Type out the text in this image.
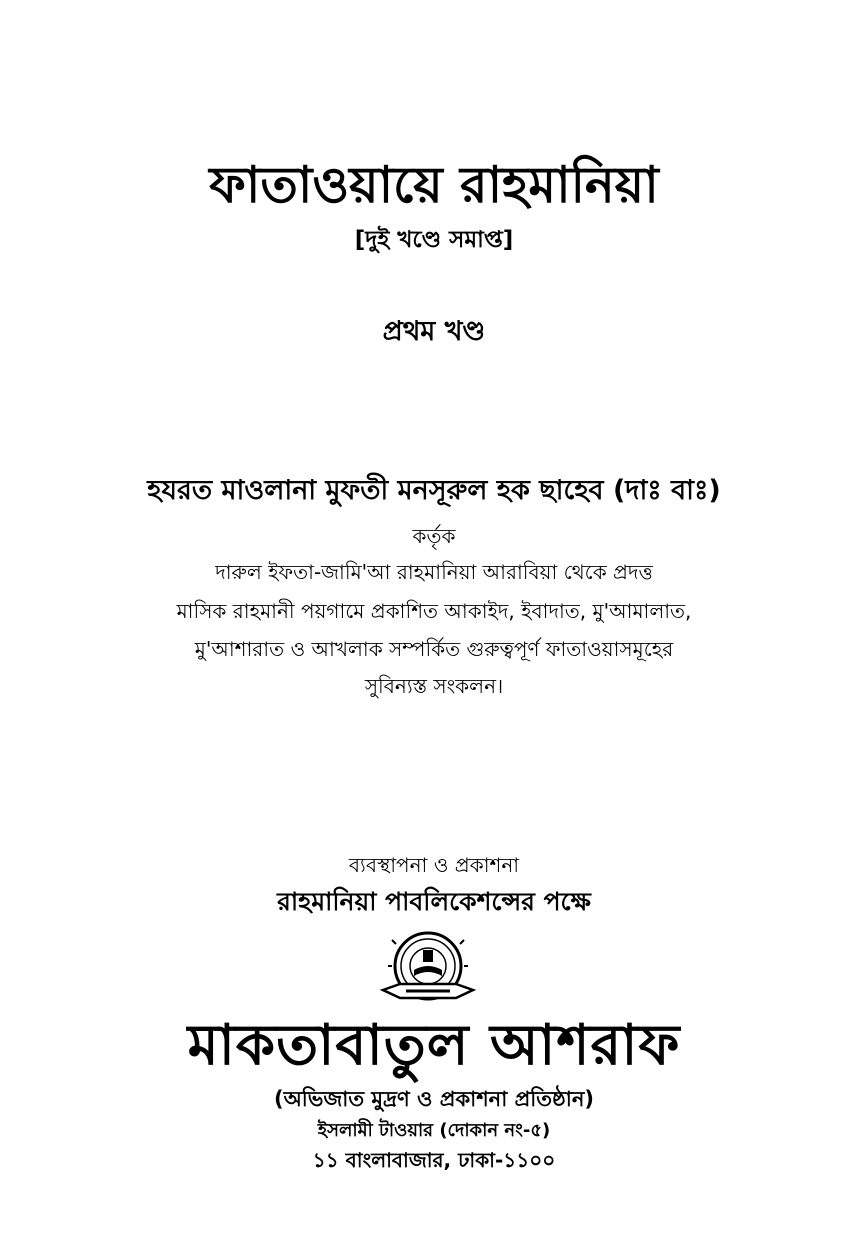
ফাতাওয়ায়ে রাহমানিয়া
[দুই খণ্ডে সমাপ্ত]
প্রথম খণ্ড
হযরত মাওলানা মুফতী মনসূরুল হক ছাহেব (দাঃ বাঃ)
কর্তৃক
দারুল ইফতা-জামি'আ রাহমানিয়া আরাবিয়া থেকে প্রদত্ত
মাসিক রাহমানী পয়গামে প্রকাশিত আকাইদ, ইবাদাত, মু'আমালাত,
মু'আশারাত ও আখলাক সম্পর্কিত গুরুত্বপূর্ণ ফাতাওয়াসমূহের
সুবিন্যস্ত সংকলন।
ব্যবস্থাপনা ও প্রকাশনা
রাহমানিয়া পাবলিকেশন্সের পক্ষে
মাকতাবাতুল আশরাফ
(অভিজাত মুদ্রণ ও প্রকাশনা প্রতিষ্ঠান)
ইসলামী টাওয়ার (দোকান নং-৫)
১১ বাংলাবাজার, ঢাকা-১১০০
